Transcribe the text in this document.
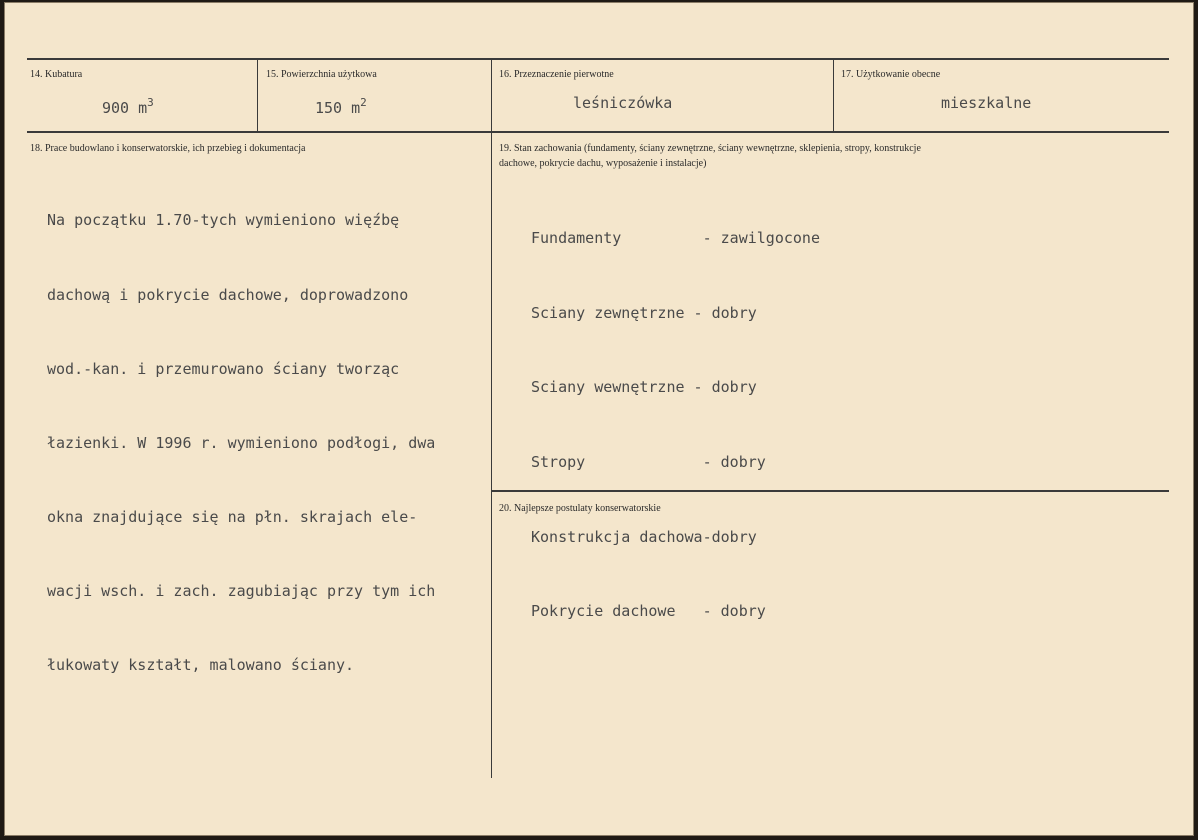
14. Kubatura
900 $m^3$
15. Powierzchnia użytkowa
150 $m^2$
16. Przeznaczenie pierwotne
leśniczówka
17. Użytkowanie obecne
mieszkalne
18. Prace budowlano i konserwatorskie, ich przebieg i dokumentacja

Na początku 1.70-tych wymieniono więźbę

dachową i pokrycie dachowe, doprowadzono

wod.-kan. i przemurowano ściany tworząc

łazienki. W 1996 r. wymieniono podłogi, dwa

okna znajdujące się na płn. skrajach ele-

wacji wsch. i zach. zagubiając przy tym ich

łukowaty kształt, malowano ściany.

19. Stan zachowania (fundamenty, ściany zewnętrzne, ściany wewnętrzne, sklepienia, stropy, konstrukcje
dachowe, pokrycie dachu, wyposażenie i instalacje)

Fundamenty         - zawilgocone

Sciany zewnętrzne - dobry

Sciany wewnętrzne - dobry

Stropy             - dobry

Konstrukcja dachowa-dobry

Pokrycie dachowe   - dobry

20. Najlepsze postulaty konserwatorskie
